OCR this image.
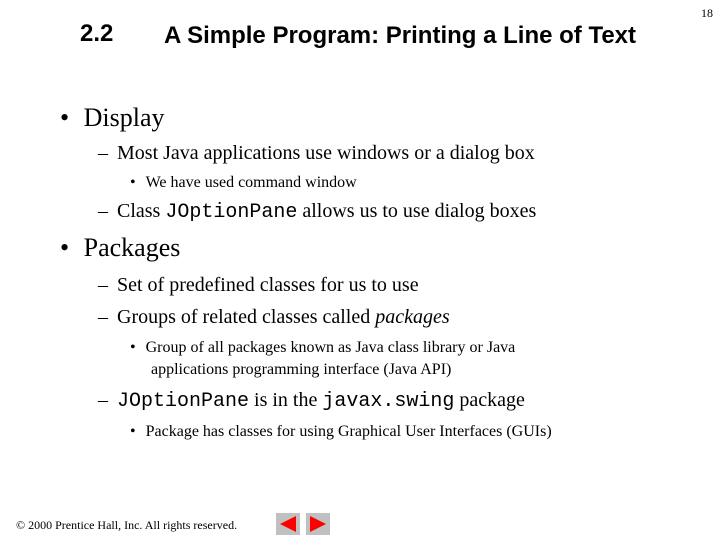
2.2	A Simple Program: Printing a Line of Text
18
• Display
– Most Java applications use windows or a dialog box
• We have used command window
– Class JOptionPane allows us to use dialog boxes
• Packages
– Set of predefined classes for us to use
– Groups of related classes called packages
• Group of all packages known as Java class library or Java
applications programming interface (Java API)
– JOptionPane is in the javax.swing package
• Package has classes for using Graphical User Interfaces (GUIs)
© 2000 Prentice Hall, Inc. All rights reserved.
